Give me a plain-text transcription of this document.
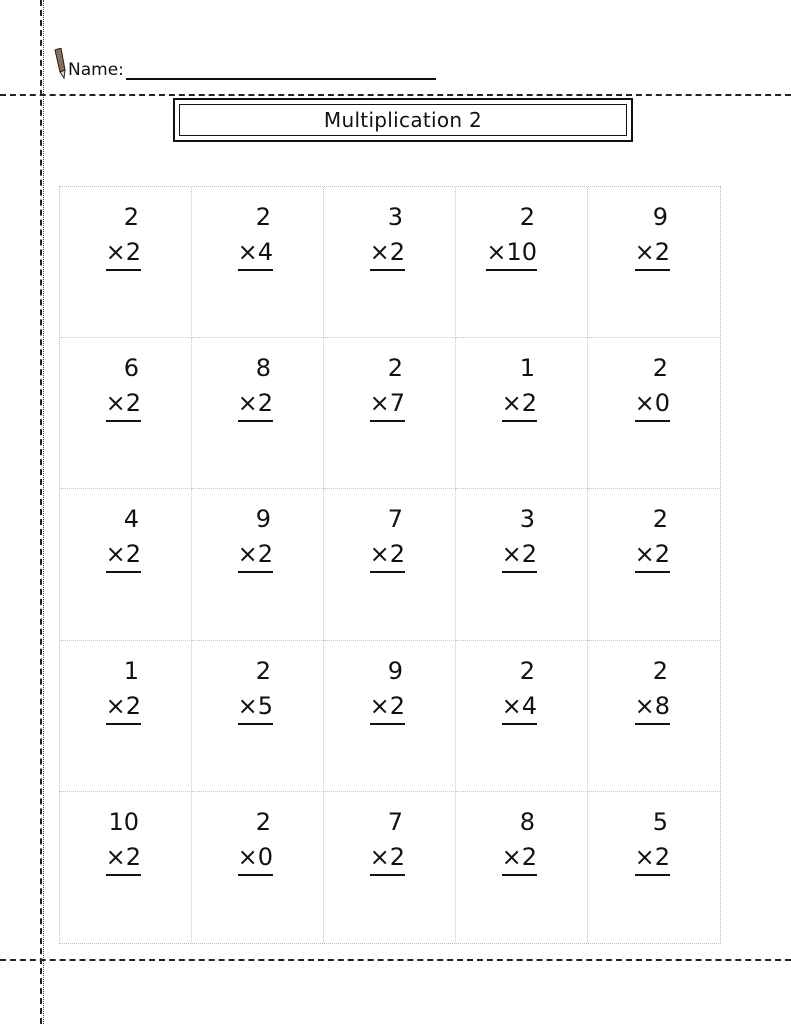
Name:
Multiplication 2
2
×2
2
×4
3
×2
2
×10
9
×2
6
×2
8
×2
2
×7
1
×2
2
×0
4
×2
9
×2
7
×2
3
×2
2
×2
1
×2
2
×5
9
×2
2
×4
2
×8
10
×2
2
×0
7
×2
8
×2
5
×2
